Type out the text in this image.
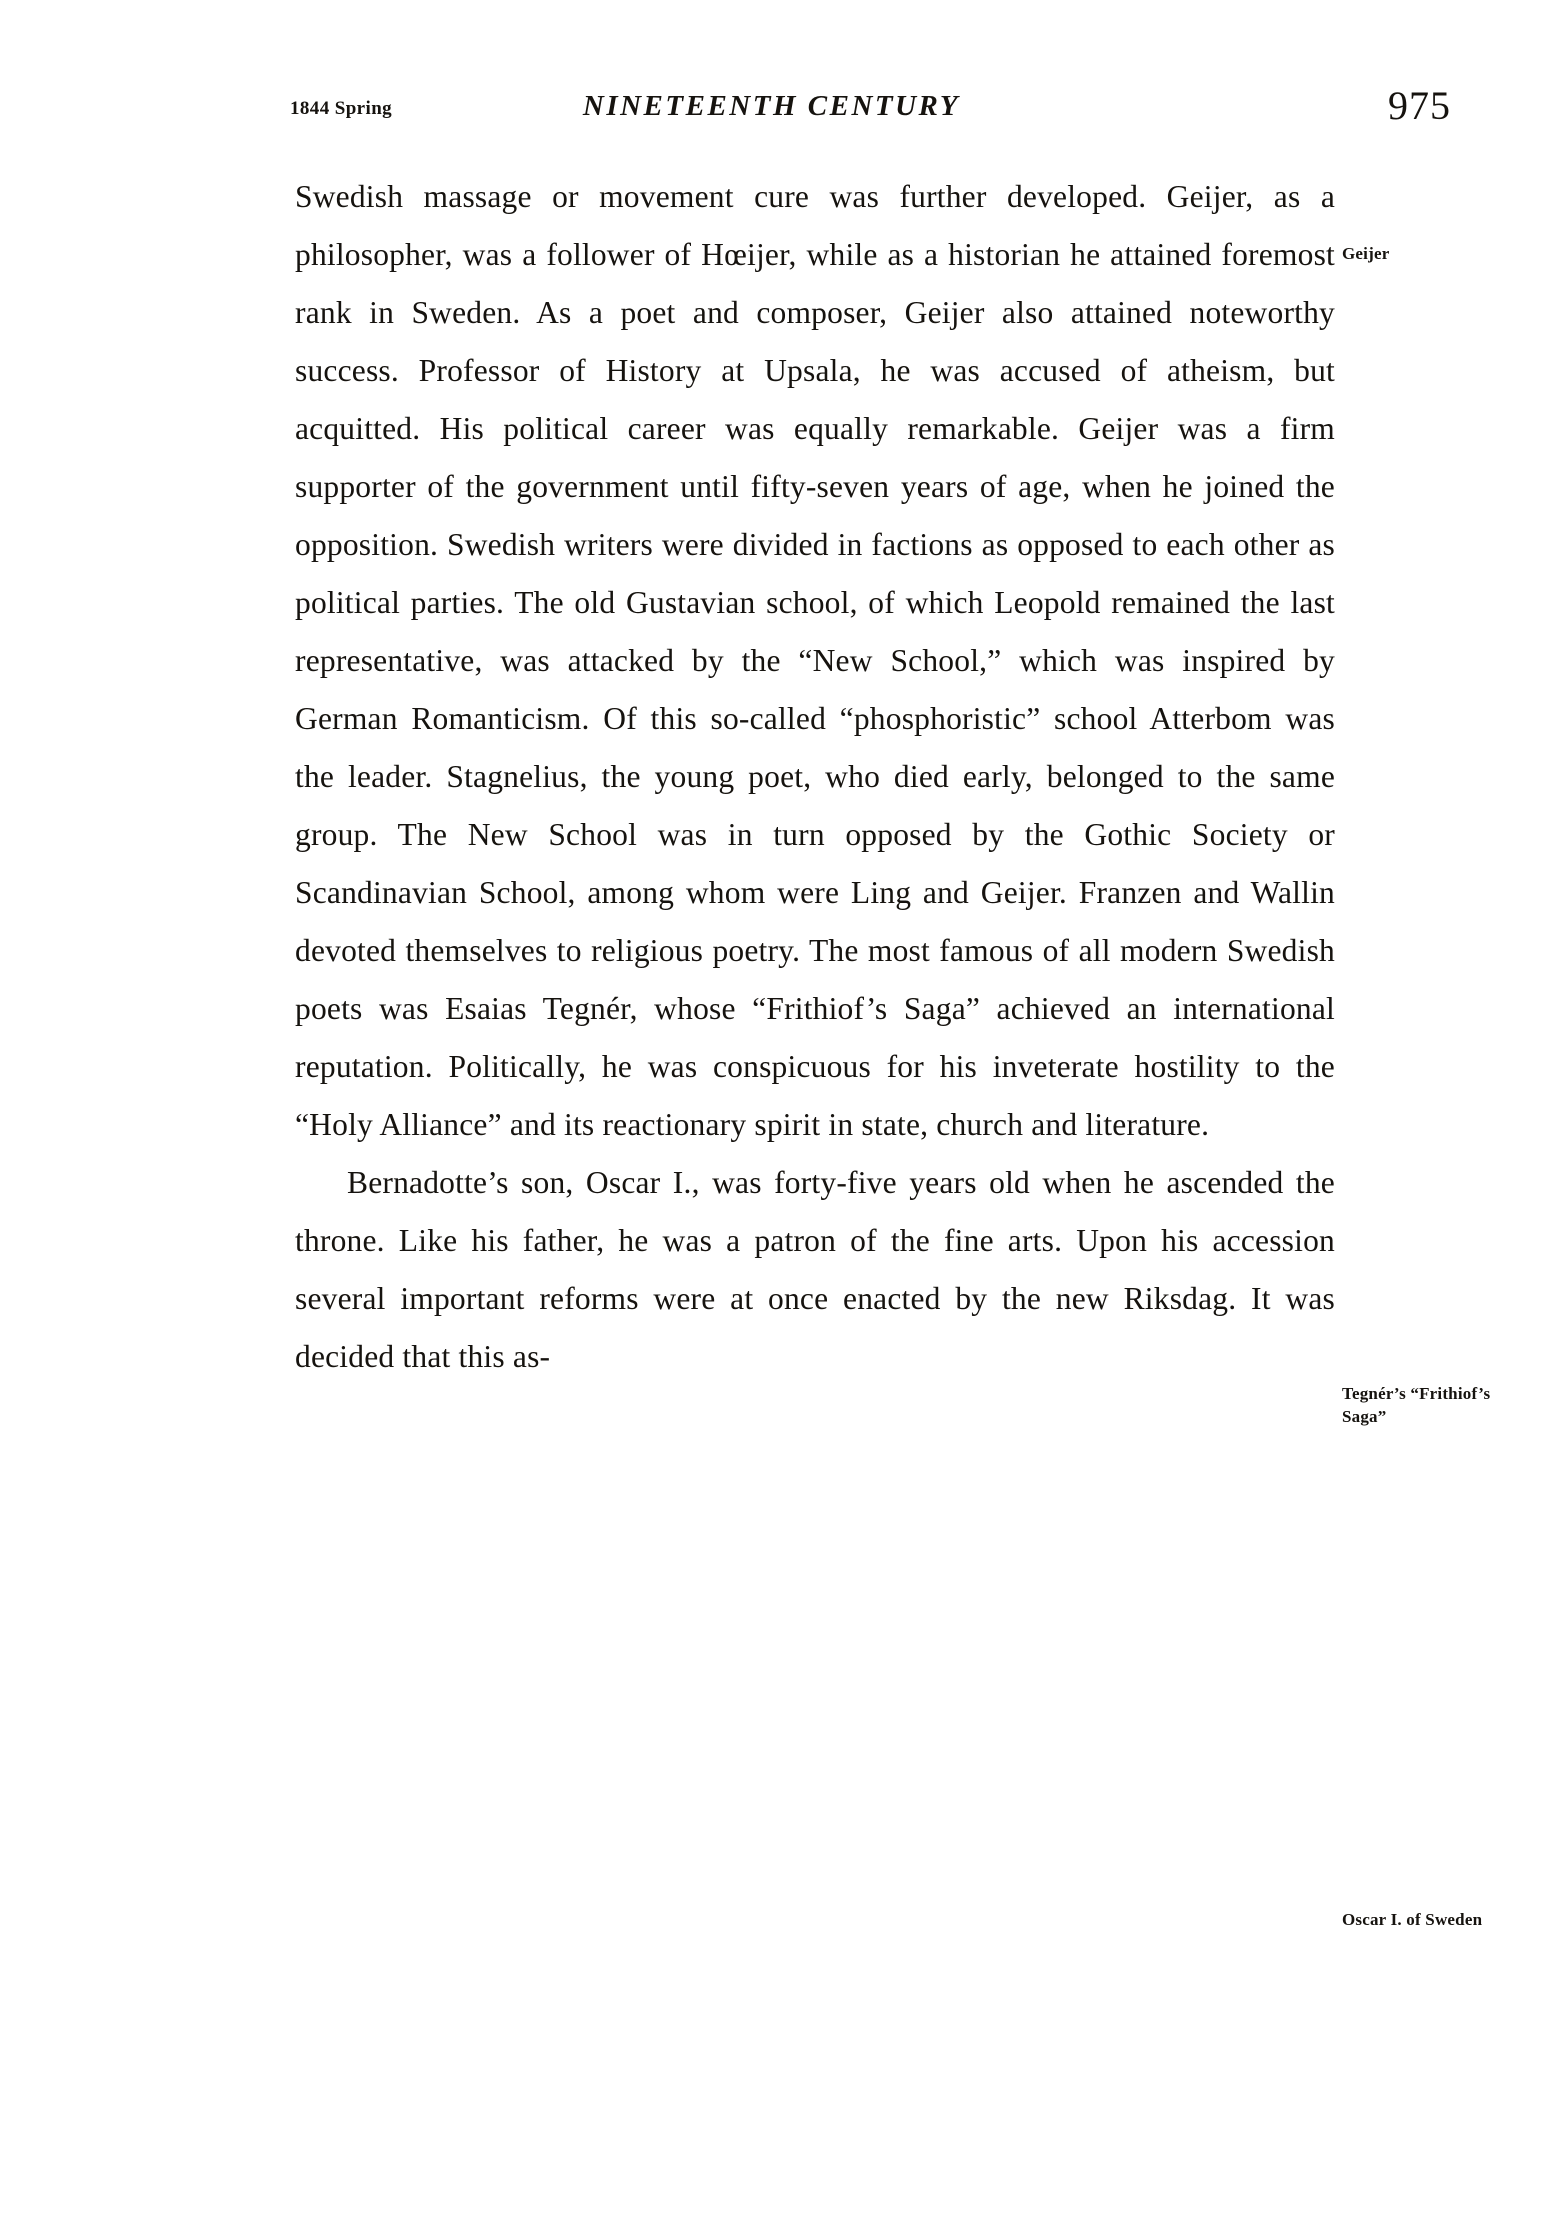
1844 Spring	NINETEENTH CENTURY	975

Swedish massage or movement cure was further developed. Geijer, as a philosopher, was a follower of Hœijer, while as a historian he attained foremost rank in Sweden. As a poet and composer, Geijer also attained noteworthy success. Professor of History at Upsala, he was accused of atheism, but acquitted. His political career was equally remarkable. Geijer was a firm supporter of the government until fifty-seven years of age, when he joined the opposition. Swedish writers were divided in factions as opposed to each other as political parties. The old Gustavian school, of which Leopold remained the last representative, was attacked by the “New School,” which was inspired by German Romanticism. Of this so-called “phosphoristic” school Atterbom was the leader. Stagnelius, the young poet, who died early, belonged to the same group. The New School was in turn opposed by the Gothic Society or Scandinavian School, among whom were Ling and Geijer. Franzen and Wallin devoted themselves to religious poetry. The most famous of all modern Swedish poets was Esaias Tegnér, whose “Frithiof’s Saga” achieved an international reputation. Politically, he was conspicuous for his inveterate hostility to the “Holy Alliance” and its reactionary spirit in state, church and literature.

Bernadotte’s son, Oscar I., was forty-five years old when he ascended the throne. Like his father, he was a patron of the fine arts. Upon his accession several important reforms were at once enacted by the new Riksdag. It was decided that this as-

Geijer
Tegnér’s “Frithiof’s Saga”
Oscar I. of Sweden
